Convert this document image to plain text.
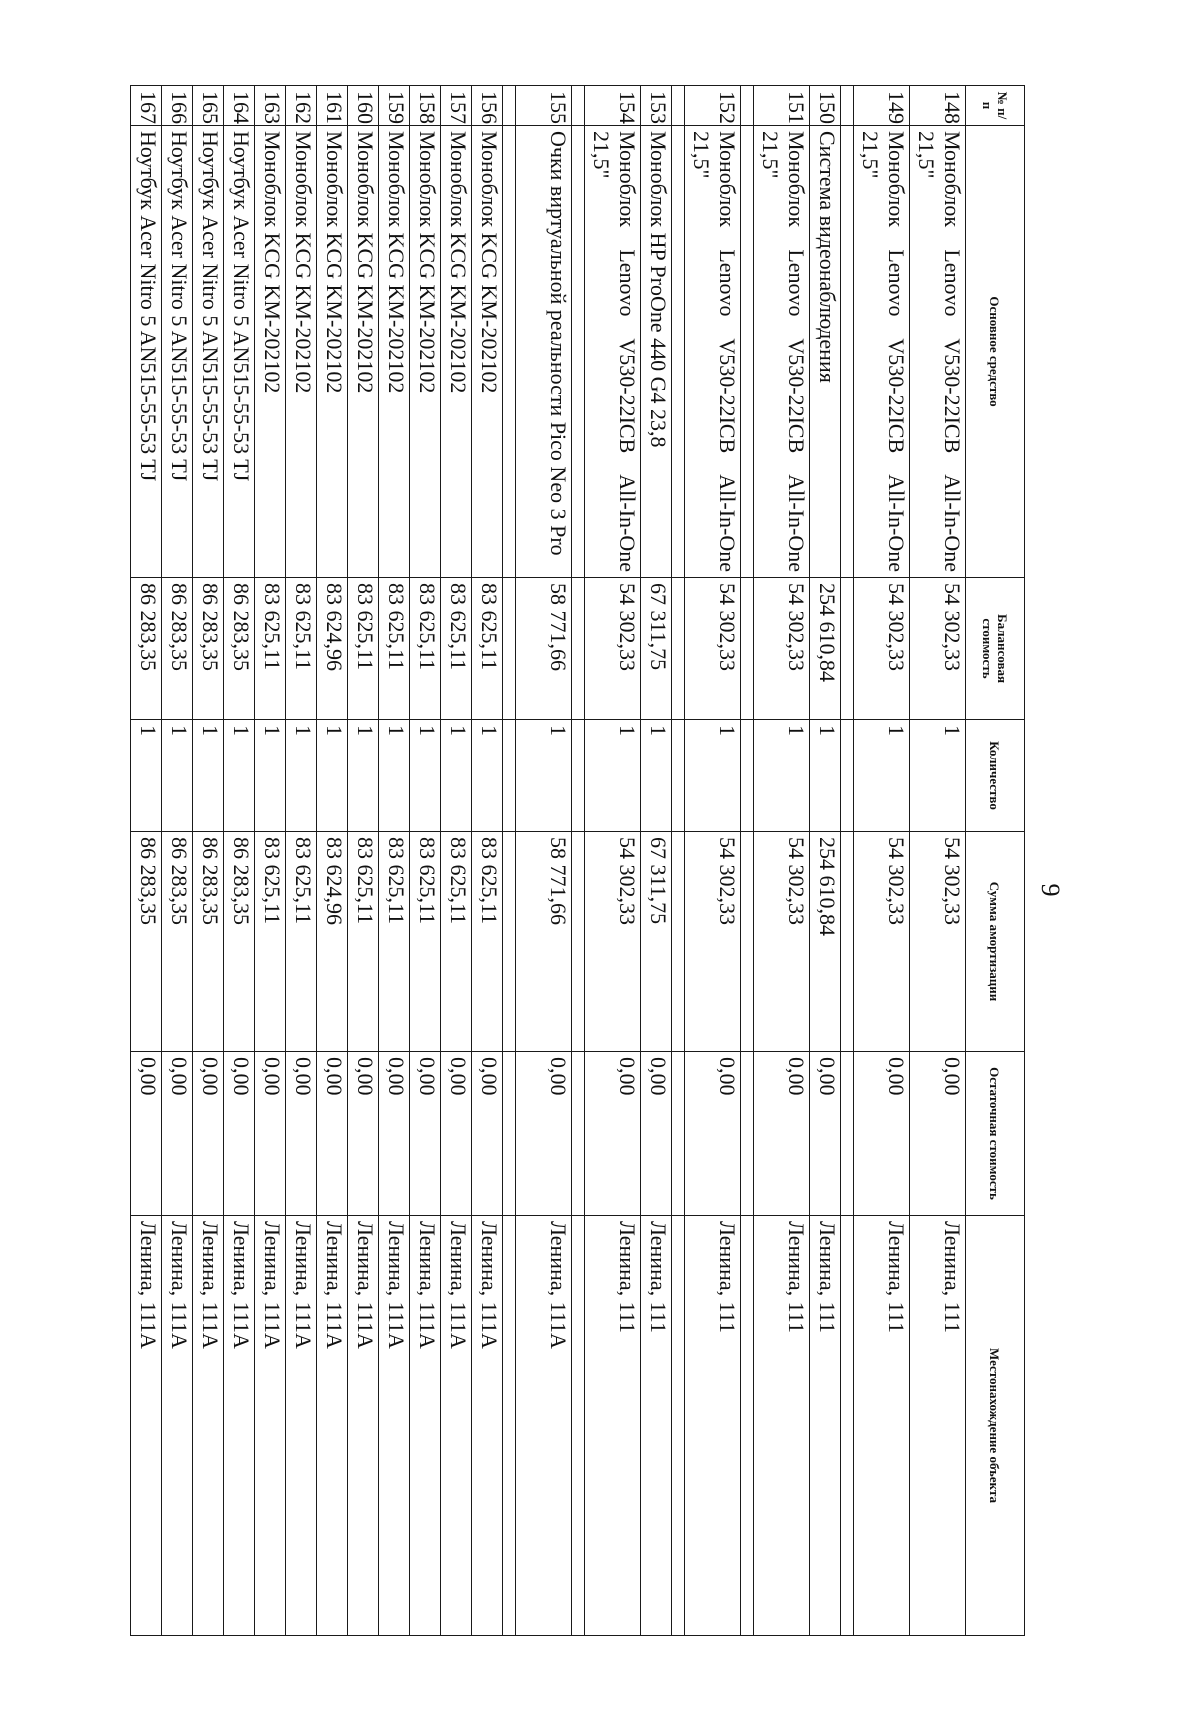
9
№ п/п	Основное средство	Балансовая стоимость	Количество	Сумма амортизации	Остаточная стоимость	Местонахождение объекта
148	Моноблок Lenovo V530-22ICB All-In-One 21,5"	54 302,33	1	54 302,33	0,00	Ленина, 111
149	Моноблок Lenovo V530-22ICB All-In-One 21,5"	54 302,33	1	54 302,33	0,00	Ленина, 111

150	Система видеонаблюдения	254 610,84	1	254 610,84	0,00	Ленина, 111
151	Моноблок Lenovo V530-22ICB All-In-One 21,5"	54 302,33	1	54 302,33	0,00	Ленина, 111

152	Моноблок Lenovo V530-22ICB All-In-One 21,5"	54 302,33	1	54 302,33	0,00	Ленина, 111

153	Моноблок HP ProOne 440 G4 23,8	67 311,75	1	67 311,75	0,00	Ленина, 111
154	Моноблок Lenovo V530-22ICB All-In-One 21,5"	54 302,33	1	54 302,33	0,00	Ленина, 111

155	Очки виртуальной реальности Pico Neo 3 Pro	58 771,66	1	58 771,66	0,00	Ленина, 111А

156	Моноблок KCG KM-202102	83 625,11	1	83 625,11	0,00	Ленина, 111А
157	Моноблок KCG KM-202102	83 625,11	1	83 625,11	0,00	Ленина, 111А
158	Моноблок KCG KM-202102	83 625,11	1	83 625,11	0,00	Ленина, 111А
159	Моноблок KCG KM-202102	83 625,11	1	83 625,11	0,00	Ленина, 111А
160	Моноблок KCG KM-202102	83 625,11	1	83 625,11	0,00	Ленина, 111А
161	Моноблок KCG KM-202102	83 624,96	1	83 624,96	0,00	Ленина, 111А
162	Моноблок KCG KM-202102	83 625,11	1	83 625,11	0,00	Ленина, 111А
163	Моноблок KCG KM-202102	83 625,11	1	83 625,11	0,00	Ленина, 111А
164	Ноутбук Acer Nitro 5 AN515-55-53 TJ	86 283,35	1	86 283,35	0,00	Ленина, 111А
165	Ноутбук Acer Nitro 5 AN515-55-53 TJ	86 283,35	1	86 283,35	0,00	Ленина, 111А
166	Ноутбук Acer Nitro 5 AN515-55-53 TJ	86 283,35	1	86 283,35	0,00	Ленина, 111А
167	Ноутбук Acer Nitro 5 AN515-55-53 TJ	86 283,35	1	86 283,35	0,00	Ленина, 111А
